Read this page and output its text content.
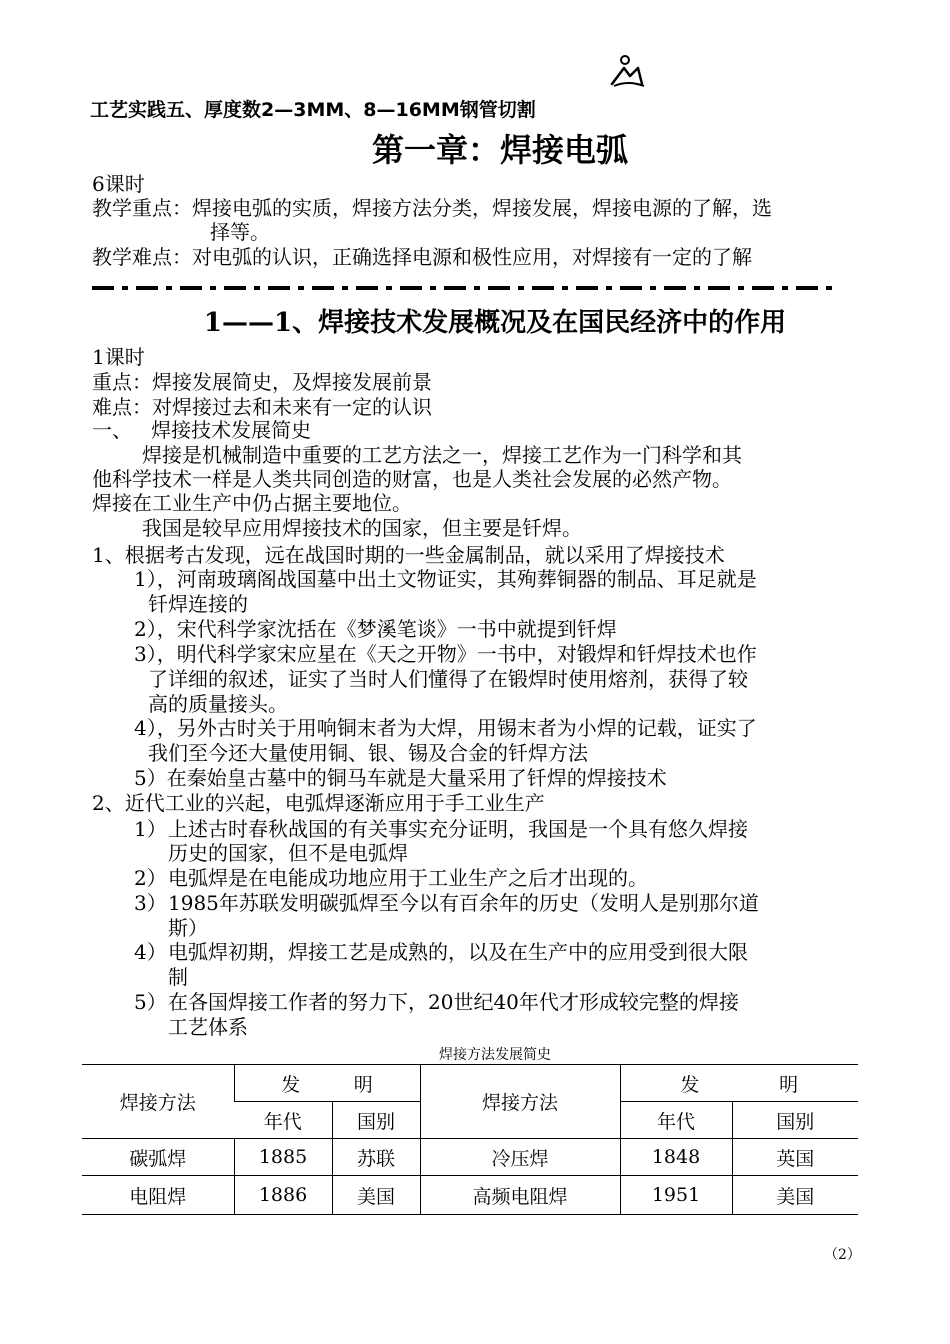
工艺实践五、厚度数2—3MM、8—16MM钢管切割
第一章：焊接电弧
6课时
教学重点：焊接电弧的实质，焊接方法分类，焊接发展，焊接电源的了解，选
择等。
教学难点：对电弧的认识，正确选择电源和极性应用，对焊接有一定的了解
1——1、焊接技术发展概况及在国民经济中的作用
1课时
重点：焊接发展简史，及焊接发展前景
难点：对焊接过去和未来有一定的认识
一、   焊接技术发展简史
焊接是机械制造中重要的工艺方法之一，焊接工艺作为一门科学和其
他科学技术一样是人类共同创造的财富，也是人类社会发展的必然产物。
焊接在工业生产中仍占据主要地位。
我国是较早应用焊接技术的国家，但主要是钎焊。
1、根据考古发现，远在战国时期的一些金属制品，就以采用了焊接技术
1），河南玻璃阁战国墓中出土文物证实，其殉葬铜器的制品、耳足就是
钎焊连接的
2），宋代科学家沈括在《梦溪笔谈》一书中就提到钎焊
3），明代科学家宋应星在《天之开物》一书中，对锻焊和钎焊技术也作
了详细的叙述，证实了当时人们懂得了在锻焊时使用熔剂，获得了较
高的质量接头。
4），另外古时关于用响铜末者为大焊，用锡末者为小焊的记载，证实了
我们至今还大量使用铜、银、锡及合金的钎焊方法
5）在秦始皇古墓中的铜马车就是大量采用了钎焊的焊接技术
2、近代工业的兴起，电弧焊逐渐应用于手工业生产
1） 上述古时春秋战国的有关事实充分证明，我国是一个具有悠久焊接
历史的国家，但不是电弧焊
2） 电弧焊是在电能成功地应用于工业生产之后才出现的。
3） 1985年苏联发明碳弧焊至今以有百余年的历史（发明人是别那尔道
斯）
4） 电弧焊初期，焊接工艺是成熟的，以及在生产中的应用受到很大限
制
5） 在各国焊接工作者的努力下，20世纪40年代才形成较完整的焊接
工艺体系
焊接方法发展简史
焊接方法	发 明		焊接方法	发 明	

	年代	国别		年代	国别
碳弧焊	1885	苏联	冷压焊	1848	英国
电阻焊	1886	美国	高频电阻焊	1951	美国
（2）
